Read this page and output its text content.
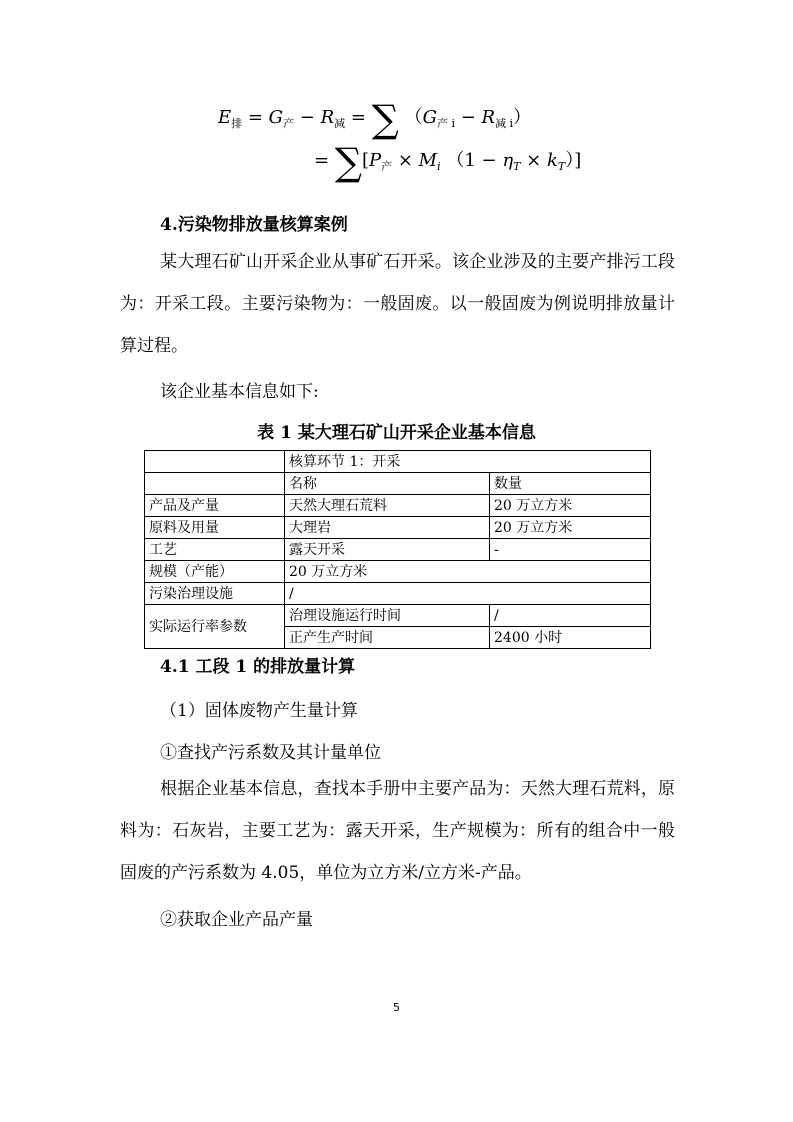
$E_排 = G_产 - R_减$ = ∑ $(G_{产 i} - R_{减 i})$
= $\sum[P_产 \times M_i$ $(1 - \eta_T \times k_T)$]
4.污染物排放量核算案例
某大理石矿山开采企业从事矿石开采。该企业涉及的主要产排污工段为：开采工段。主要污染物为：一般固废。以一般固废为例说明排放量计算过程。
该企业基本信息如下:
表 1 某大理石矿山开采企业基本信息
	核算环节 1：开采	
	名称	数量
产品及产量	天然大理石荒料	20 万立方米
原料及用量	大理岩	20 万立方米
工艺	露天开采	-
规模（产能）	20 万立方米	
污染治理设施	/	
实际运行率参数	治理设施运行时间	/
	正产生产时间	2400 小时
4.1 工段 1 的排放量计算
（1）固体废物产生量计算
①查找产污系数及其计量单位
根据企业基本信息，查找本手册中主要产品为：天然大理石荒料，原料为：石灰岩，主要工艺为：露天开采，生产规模为：所有的组合中一般固废的产污系数为 4.05，单位为立方米/立方米-产品。
②获取企业产品产量
5
